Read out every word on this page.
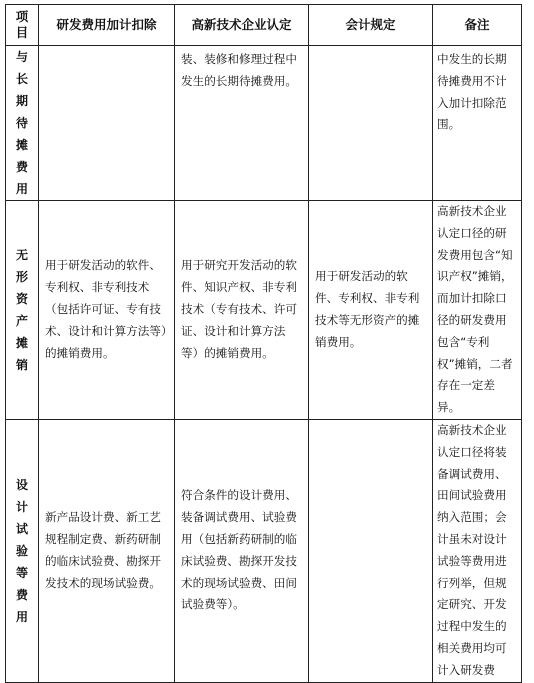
项目	研发费用加计扣除	高新技术企业认定	会计规定	备注

与长期待摊费用		装、装修和修理过程中发生的长期待摊费用。		中发生的长期待摊费用不计入加计扣除范围。

无形资产摊销	用于研发活动的软件、专利权、非专利技术（包括许可证、专有技术、设计和计算方法等）的摊销费用。	用于研究开发活动的软件、知识产权、非专利技术（专有技术、许可证、设计和计算方法等）的摊销费用。	用于研发活动的软件、专利权、非专利技术等无形资产的摊销费用。	高新技术企业认定口径的研发费用包含“知识产权”摊销，而加计扣除口径的研发费用包含“专利权”摊销，二者存在一定差异。

设计试验等费用	新产品设计费、新工艺规程制定费、新药研制的临床试验费、勘探开发技术的现场试验费。	符合条件的设计费用、装备调试费用、试验费用（包括新药研制的临床试验费、勘探开发技术的现场试验费、田间试验费等）。		高新技术企业认定口径将装备调试费用、田间试验费用纳入范围；会计虽未对设计试验等费用进行列举，但规定研究、开发过程中发生的相关费用均可计入研发费
